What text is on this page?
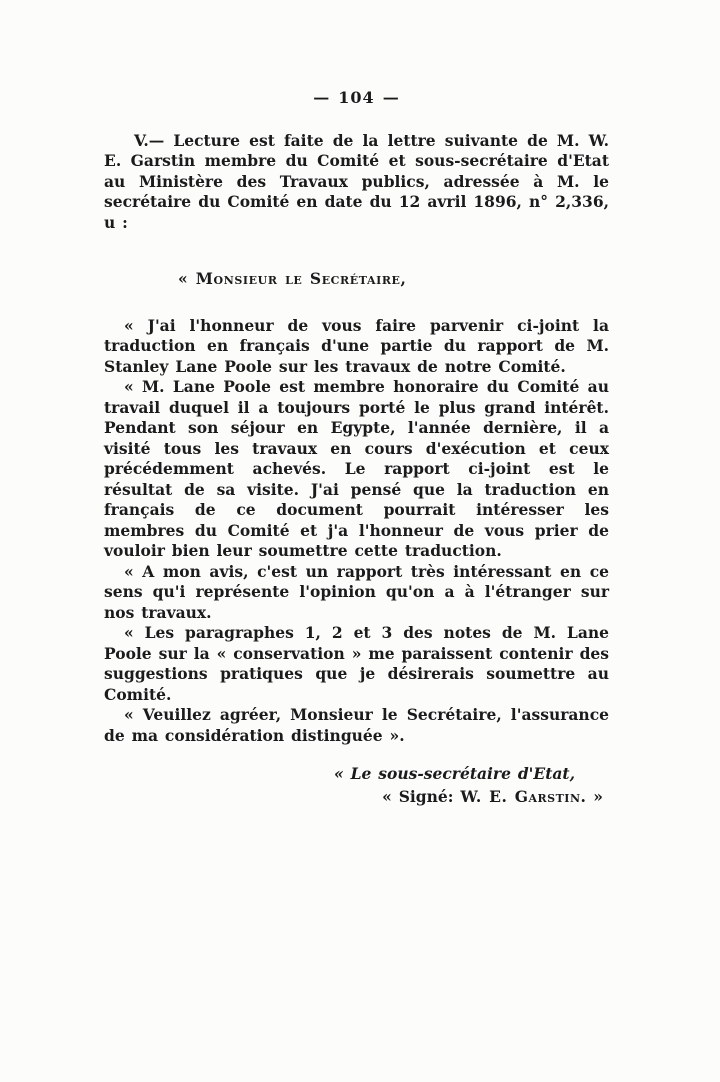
— 104 —

V.— Lecture est faite de la lettre suivante de M. W. E. Garstin membre du Comité et sous-secrétaire d'Etat au Ministère des Travaux publics, adressée à M. le secrétaire du Comité en date du 12 avril 1896, n° 2,336, u :

« Monsieur le Secrétaire,

« J'ai l'honneur de vous faire parvenir ci-joint la traduction en français d'une partie du rapport de M. Stanley Lane Poole sur les travaux de notre Comité.

« M. Lane Poole est membre honoraire du Comité au travail duquel il a toujours porté le plus grand intérêt. Pendant son séjour en Egypte, l'année dernière, il a visité tous les travaux en cours d'exécution et ceux précédemment achevés. Le rapport ci-joint est le résultat de sa visite. J'ai pensé que la traduction en français de ce document pourrait intéresser les membres du Comité et j'a l'honneur de vous prier de vouloir bien leur soumettre cette traduction.

« A mon avis, c'est un rapport très intéressant en ce sens qu'i représente l'opinion qu'on a à l'étranger sur nos travaux.

« Les paragraphes 1, 2 et 3 des notes de M. Lane Poole sur la « conservation » me paraissent contenir des suggestions pratiques que je désirerais soumettre au Comité.

« Veuillez agréer, Monsieur le Secrétaire, l'assurance de ma considération distinguée ».

« Le sous-secrétaire d'Etat,
« Signé: W. E. Garstin. »
